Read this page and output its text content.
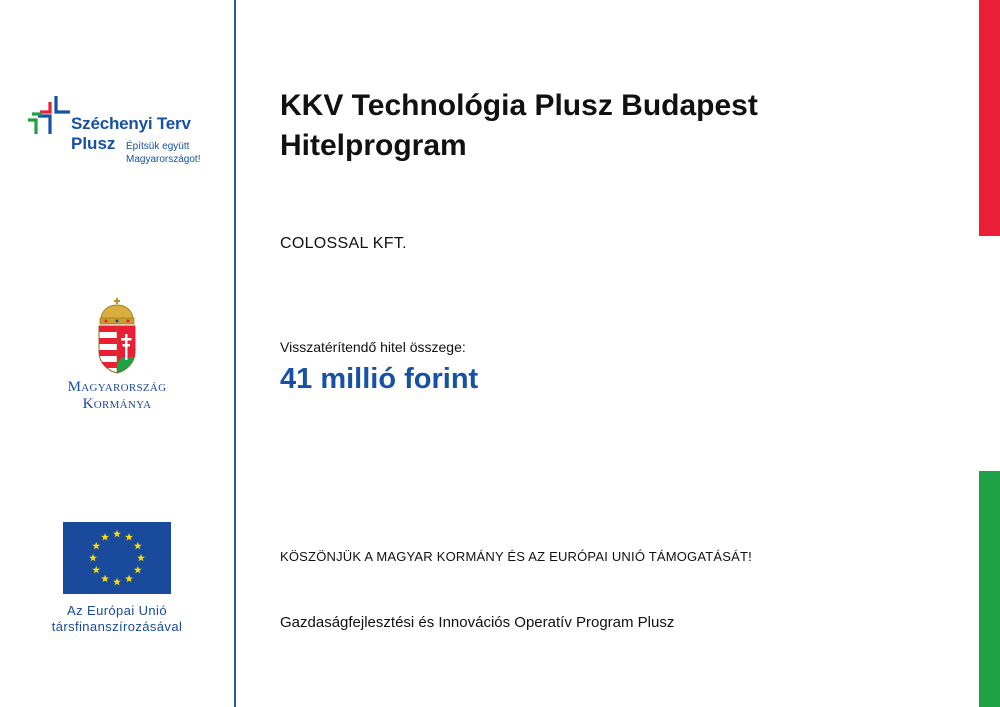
Széchenyi Terv
Plusz Építsük együtt
Magyarországot!
Magyarország
Kormánya
Az Európai Unió
társfinanszírozásával
KKV Technológia Plusz Budapest Hitelprogram
COLOSSAL KFT.
Visszatérítendő hitel összege:
41 millió forint
KÖSZÖNJÜK A MAGYAR KORMÁNY ÉS AZ EURÓPAI UNIÓ TÁMOGATÁSÁT!
Gazdaságfejlesztési és Innovációs Operatív Program Plusz
